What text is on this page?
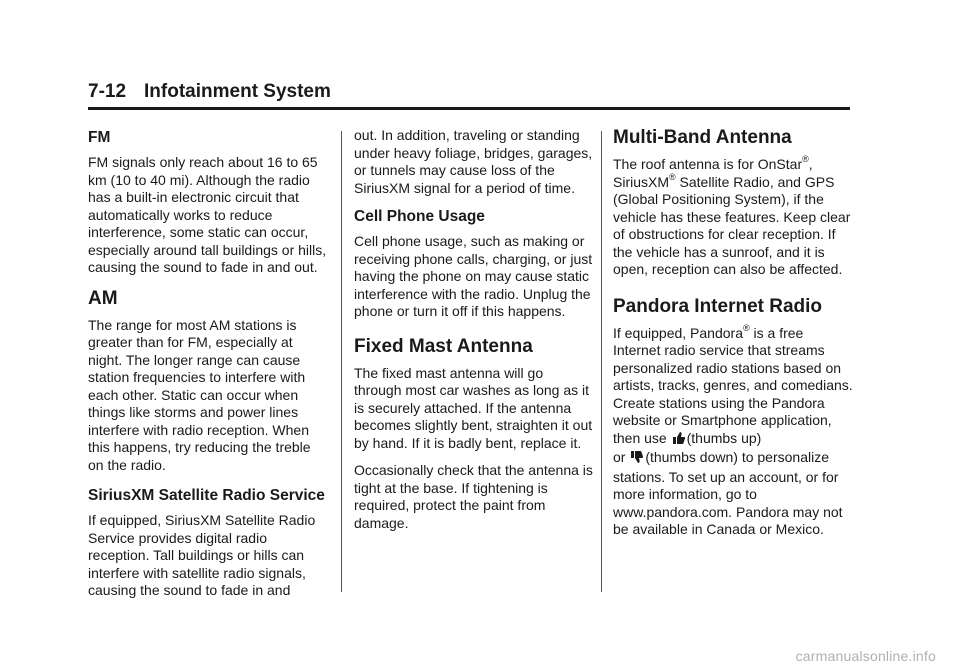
7-12 Infotainment System
FM

FM signals only reach about 16 to 65 km (10 to 40 mi). Although the radio has a built-in electronic circuit that automatically works to reduce interference, some static can occur, especially around tall buildings or hills, causing the sound to fade in and out.

AM

The range for most AM stations is greater than for FM, especially at night. The longer range can cause station frequencies to interfere with each other. Static can occur when things like storms and power lines interfere with radio reception. When this happens, try reducing the treble on the radio.

SiriusXM Satellite Radio Service

If equipped, SiriusXM Satellite Radio Service provides digital radio reception. Tall buildings or hills can interfere with satellite radio signals, causing the sound to fade in and

out. In addition, traveling or standing under heavy foliage, bridges, garages, or tunnels may cause loss of the SiriusXM signal for a period of time.

Cell Phone Usage

Cell phone usage, such as making or receiving phone calls, charging, or just having the phone on may cause static interference with the radio. Unplug the phone or turn it off if this happens.

Fixed Mast Antenna

The fixed mast antenna will go through most car washes as long as it is securely attached. If the antenna becomes slightly bent, straighten it out by hand. If it is badly bent, replace it.

Occasionally check that the antenna is tight at the base. If tightening is required, protect the paint from damage.

Multi-Band Antenna

The roof antenna is for OnStar®, SiriusXM® Satellite Radio, and GPS (Global Positioning System), if the vehicle has these features. Keep clear of obstructions for clear reception. If the vehicle has a sunroof, and it is open, reception can also be affected.

Pandora Internet Radio

If equipped, Pandora® is a free Internet radio service that streams personalized radio stations based on artists, tracks, genres, and comedians. Create stations using the Pandora website or Smartphone application, then use (thumbs up)
or (thumbs down) to personalize stations. To set up an account, or for more information, go to www.pandora.com. Pandora may not be available in Canada or Mexico.

carmanualsonline.info
